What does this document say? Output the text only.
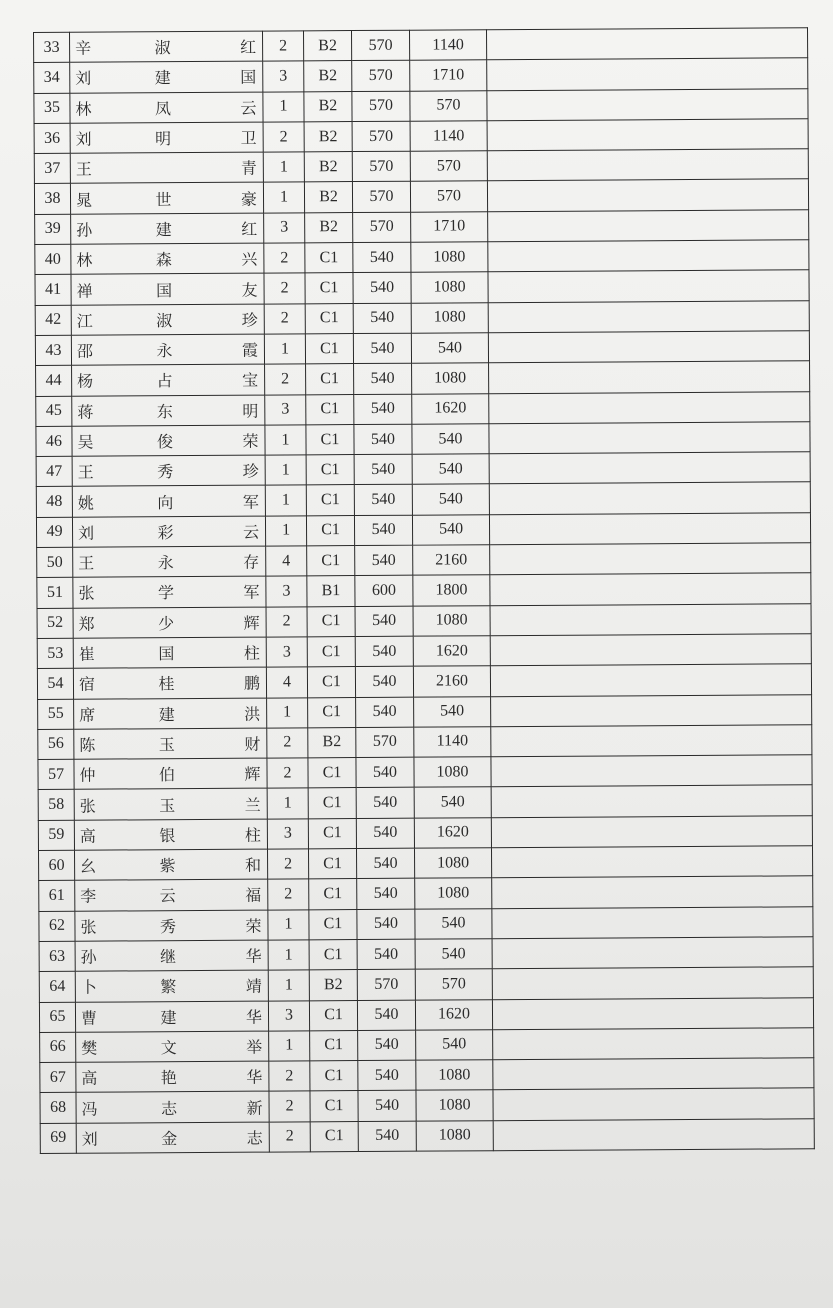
33	辛 淑 红	2	B2	570	1140	
34	刘 建 国	3	B2	570	1710	
35	林 凤 云	1	B2	570	570	
36	刘 明 卫	2	B2	570	1140	
37	王 青	1	B2	570	570	
38	晁 世 豪	1	B2	570	570	
39	孙 建 红	3	B2	570	1710	
40	林 森 兴	2	C1	540	1080	
41	禅 国 友	2	C1	540	1080	
42	江 淑 珍	2	C1	540	1080	
43	邵 永 霞	1	C1	540	540	
44	杨 占 宝	2	C1	540	1080	
45	蒋 东 明	3	C1	540	1620	
46	吴 俊 荣	1	C1	540	540	
47	王 秀 珍	1	C1	540	540	
48	姚 向 军	1	C1	540	540	
49	刘 彩 云	1	C1	540	540	
50	王 永 存	4	C1	540	2160	
51	张 学 军	3	B1	600	1800	
52	郑 少 辉	2	C1	540	1080	
53	崔 国 柱	3	C1	540	1620	
54	宿 桂 鹏	4	C1	540	2160	
55	席 建 洪	1	C1	540	540	
56	陈 玉 财	2	B2	570	1140	
57	仲 伯 辉	2	C1	540	1080	
58	张 玉 兰	1	C1	540	540	
59	高 银 柱	3	C1	540	1620	
60	幺 紫 和	2	C1	540	1080	
61	李 云 福	2	C1	540	1080	
62	张 秀 荣	1	C1	540	540	
63	孙 继 华	1	C1	540	540	
64	卜 繁 靖	1	B2	570	570	
65	曹 建 华	3	C1	540	1620	
66	樊 文 举	1	C1	540	540	
67	高 艳 华	2	C1	540	1080	
68	冯 志 新	2	C1	540	1080	
69	刘 金 志	2	C1	540	1080	
